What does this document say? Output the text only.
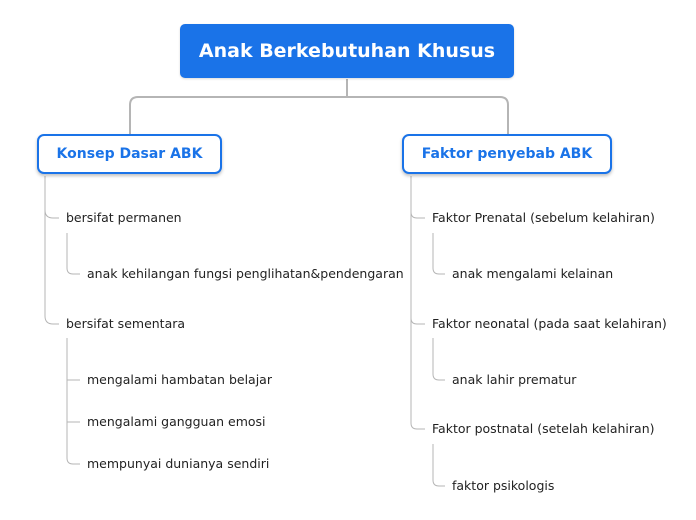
Anak Berkebutuhan Khusus
Konsep Dasar ABK	Faktor penyebab ABK
bersifat permanen
anak kehilangan fungsi penglihatan&pendengaran
bersifat sementara
mengalami hambatan belajar
mengalami gangguan emosi
mempunyai dunianya sendiri
Faktor Prenatal (sebelum kelahiran)
anak mengalami kelainan
Faktor neonatal (pada saat kelahiran)
anak lahir prematur
Faktor postnatal (setelah kelahiran)
faktor psikologis
